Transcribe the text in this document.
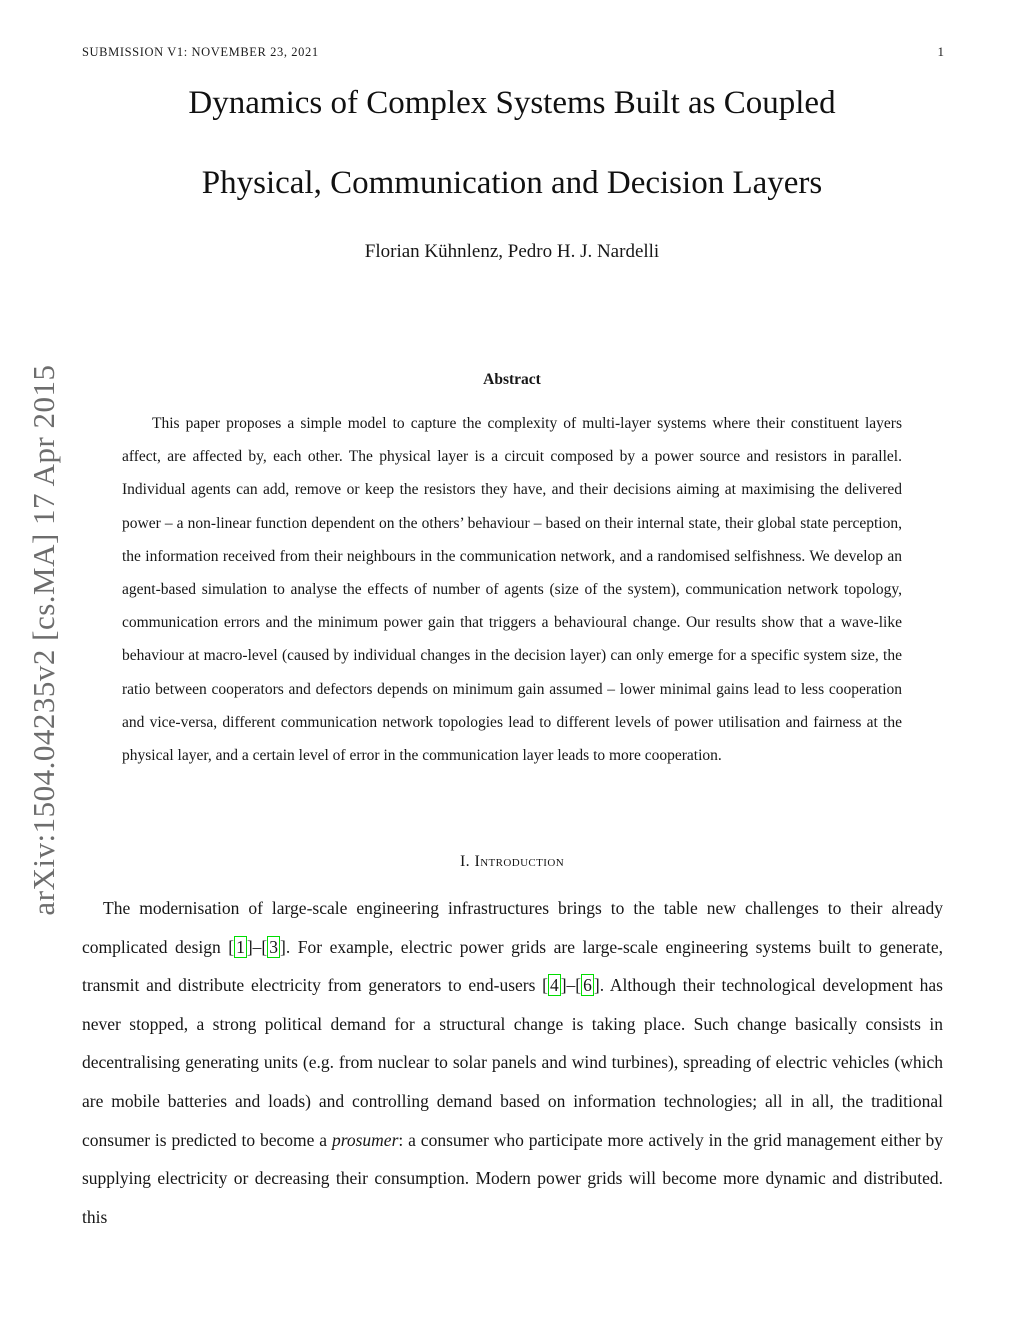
SUBMISSION V1: NOVEMBER 23, 2021	1
arXiv:1504.04235v2 [cs.MA] 17 Apr 2015
Dynamics of Complex Systems Built as Coupled
Physical, Communication and Decision Layers
Florian Kühnlenz, Pedro H. J. Nardelli
Abstract
This paper proposes a simple model to capture the complexity of multi-layer systems where their constituent layers affect, are affected by, each other. The physical layer is a circuit composed by a power source and resistors in parallel. Individual agents can add, remove or keep the resistors they have, and their decisions aiming at maximising the delivered power – a non-linear function dependent on the others’ behaviour – based on their internal state, their global state perception, the information received from their neighbours in the communication network, and a randomised selfishness. We develop an agent-based simulation to analyse the effects of number of agents (size of the system), communication network topology, communication errors and the minimum power gain that triggers a behavioural change. Our results show that a wave-like behaviour at macro-level (caused by individual changes in the decision layer) can only emerge for a specific system size, the ratio between cooperators and defectors depends on minimum gain assumed – lower minimal gains lead to less cooperation and vice-versa, different communication network topologies lead to different levels of power utilisation and fairness at the physical layer, and a certain level of error in the communication layer leads to more cooperation.
I. Introduction
The modernisation of large-scale engineering infrastructures brings to the table new challenges to their already complicated design [ 1 ]–[ 3 ]. For example, electric power grids are large-scale engineering systems built to generate, transmit and distribute electricity from generators to end-users [ 4 ]–[ 6 ]. Although their technological development has never stopped, a strong political demand for a structural change is taking place. Such change basically consists in decentralising generating units (e.g. from nuclear to solar panels and wind turbines), spreading of electric vehicles (which are mobile batteries and loads) and controlling demand based on information technologies; all in all, the traditional consumer is predicted to become a prosumer: a consumer who participate more actively in the grid management either by supplying electricity or decreasing their consumption. Modern power grids will become more dynamic and distributed. this
